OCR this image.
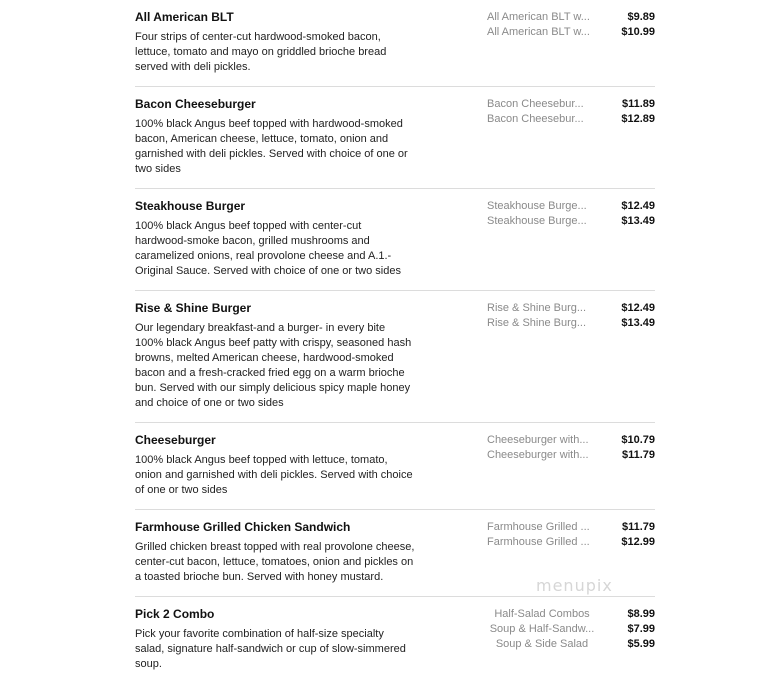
All American BLT

Four strips of center-cut hardwood-smoked bacon, lettuce, tomato and mayo on griddled brioche bread served with deli pickles.

All American BLT w...	$9.89
All American BLT w...	$10.99
Bacon Cheeseburger

100% black Angus beef topped with hardwood-smoked bacon, American cheese, lettuce, tomato, onion and garnished with deli pickles. Served with choice of one or two sides

Bacon Cheesebur...	$11.89
Bacon Cheesebur...	$12.89
Steakhouse Burger

100% black Angus beef topped with center-cut hardwood-smoke bacon, grilled mushrooms and caramelized onions, real provolone cheese and A.1.- Original Sauce. Served with choice of one or two sides

Steakhouse Burge...	$12.49
Steakhouse Burge...	$13.49
Rise & Shine Burger

Our legendary breakfast-and a burger- in every bite 100% black Angus beef patty with crispy, seasoned hash browns, melted American cheese, hardwood-smoked bacon and a fresh-cracked fried egg on a warm brioche bun. Served with our simply delicious spicy maple honey and choice of one or two sides

Rise & Shine Burg...	$12.49
Rise & Shine Burg...	$13.49
Cheeseburger

100% black Angus beef topped with lettuce, tomato, onion and garnished with deli pickles. Served with choice of one or two sides

Cheeseburger with...	$10.79
Cheeseburger with...	$11.79
Farmhouse Grilled Chicken Sandwich

Grilled chicken breast topped with real provolone cheese, center-cut bacon, lettuce, tomatoes, onion and pickles on a toasted brioche bun. Served with honey mustard.

Farmhouse Grilled ...	$11.79
Farmhouse Grilled ...	$12.99
Pick 2 Combo

Pick your favorite combination of half-size specialty salad, signature half-sandwich or cup of slow-simmered soup.

Half-Salad Combos	$8.99
Soup & Half-Sandw...	$7.99
Soup & Side Salad	$5.99
menupix
